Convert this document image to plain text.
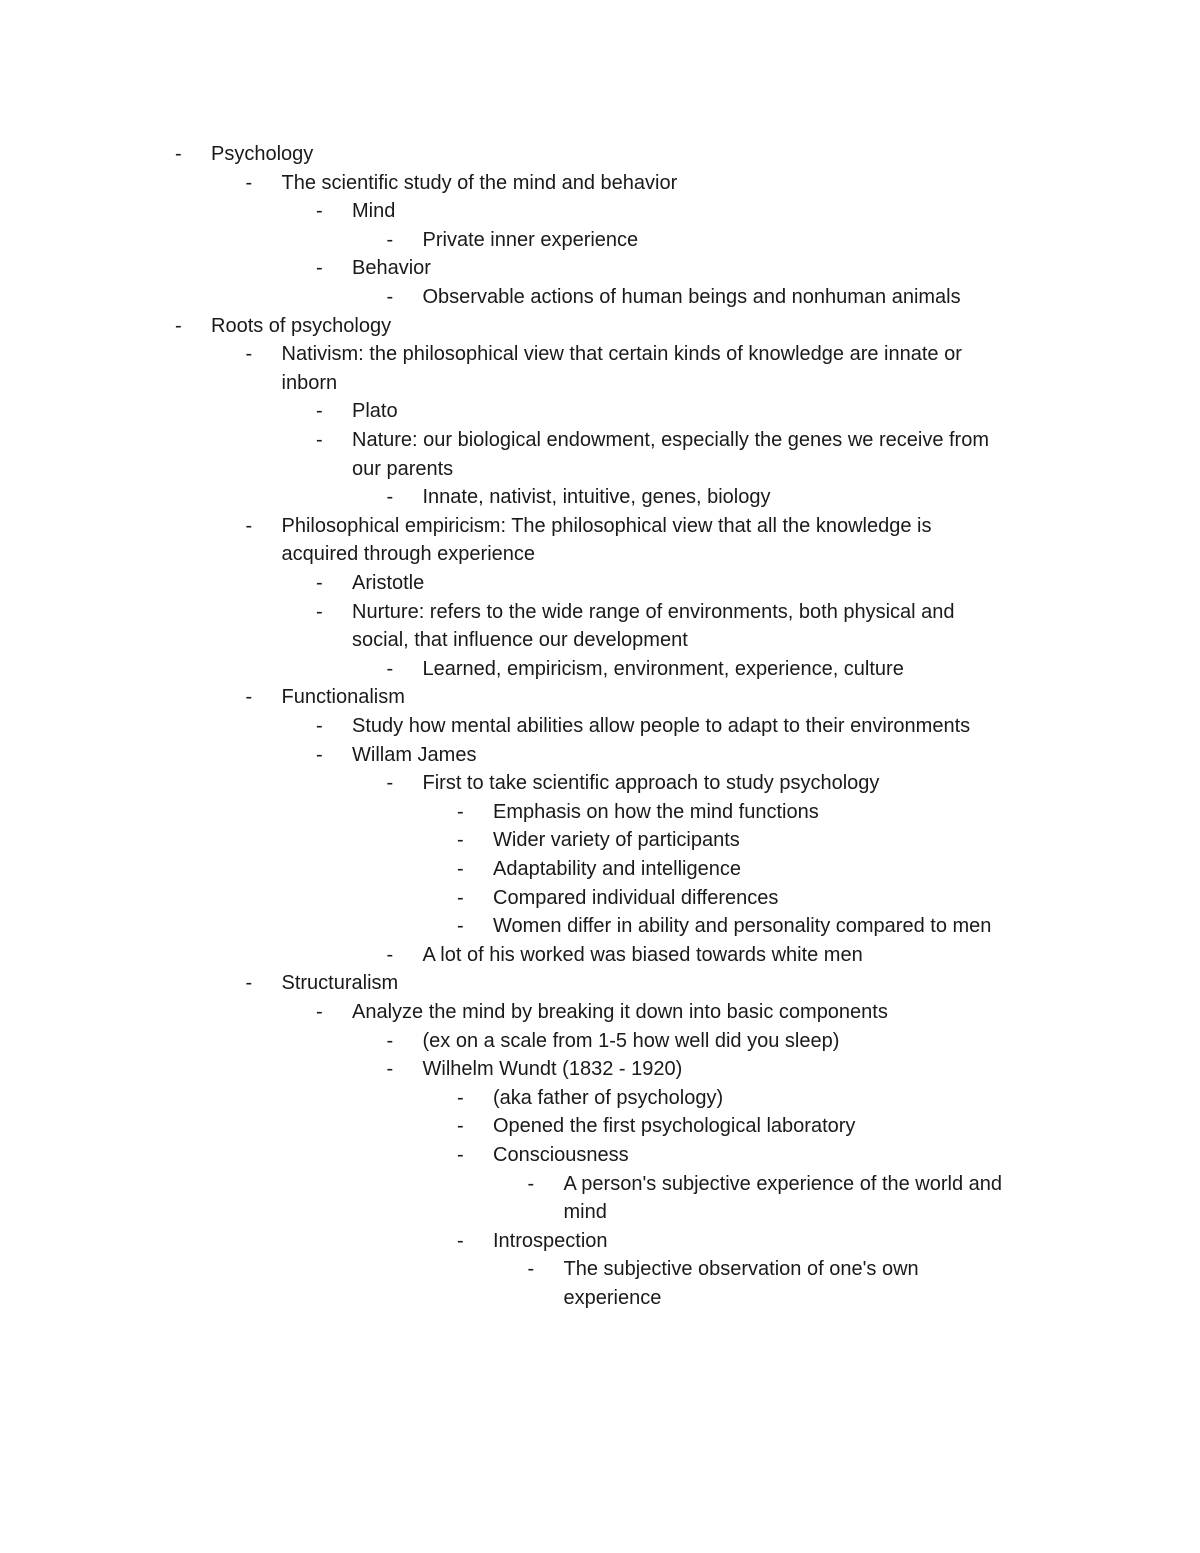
-	Psychology
-	The scientific study of the mind and behavior
-	Mind
-	Private inner experience
-	Behavior
-	Observable actions of human beings and nonhuman animals
-	Roots of psychology
-	Nativism: the philosophical view that certain kinds of knowledge are innate or
inborn
-	Plato
-	Nature: our biological endowment, especially the genes we receive from
our parents
-	Innate, nativist, intuitive, genes, biology
-	Philosophical empiricism: The philosophical view that all the knowledge is
acquired through experience
-	Aristotle
-	Nurture: refers to the wide range of environments, both physical and
social, that influence our development
-	Learned, empiricism, environment, experience, culture
-	Functionalism
-	Study how mental abilities allow people to adapt to their environments
-	Willam James
-	First to take scientific approach to study psychology
-	Emphasis on how the mind functions
-	Wider variety of participants
-	Adaptability and intelligence
-	Compared individual differences
-	Women differ in ability and personality compared to men
-	A lot of his worked was biased towards white men
-	Structuralism
-	Analyze the mind by breaking it down into basic components
-	(ex on a scale from 1-5 how well did you sleep)
-	Wilhelm Wundt (1832 - 1920)
-	(aka father of psychology)
-	Opened the first psychological laboratory
-	Consciousness
-	A person's subjective experience of the world and
mind
-	Introspection
-	The subjective observation of one's own
experience
